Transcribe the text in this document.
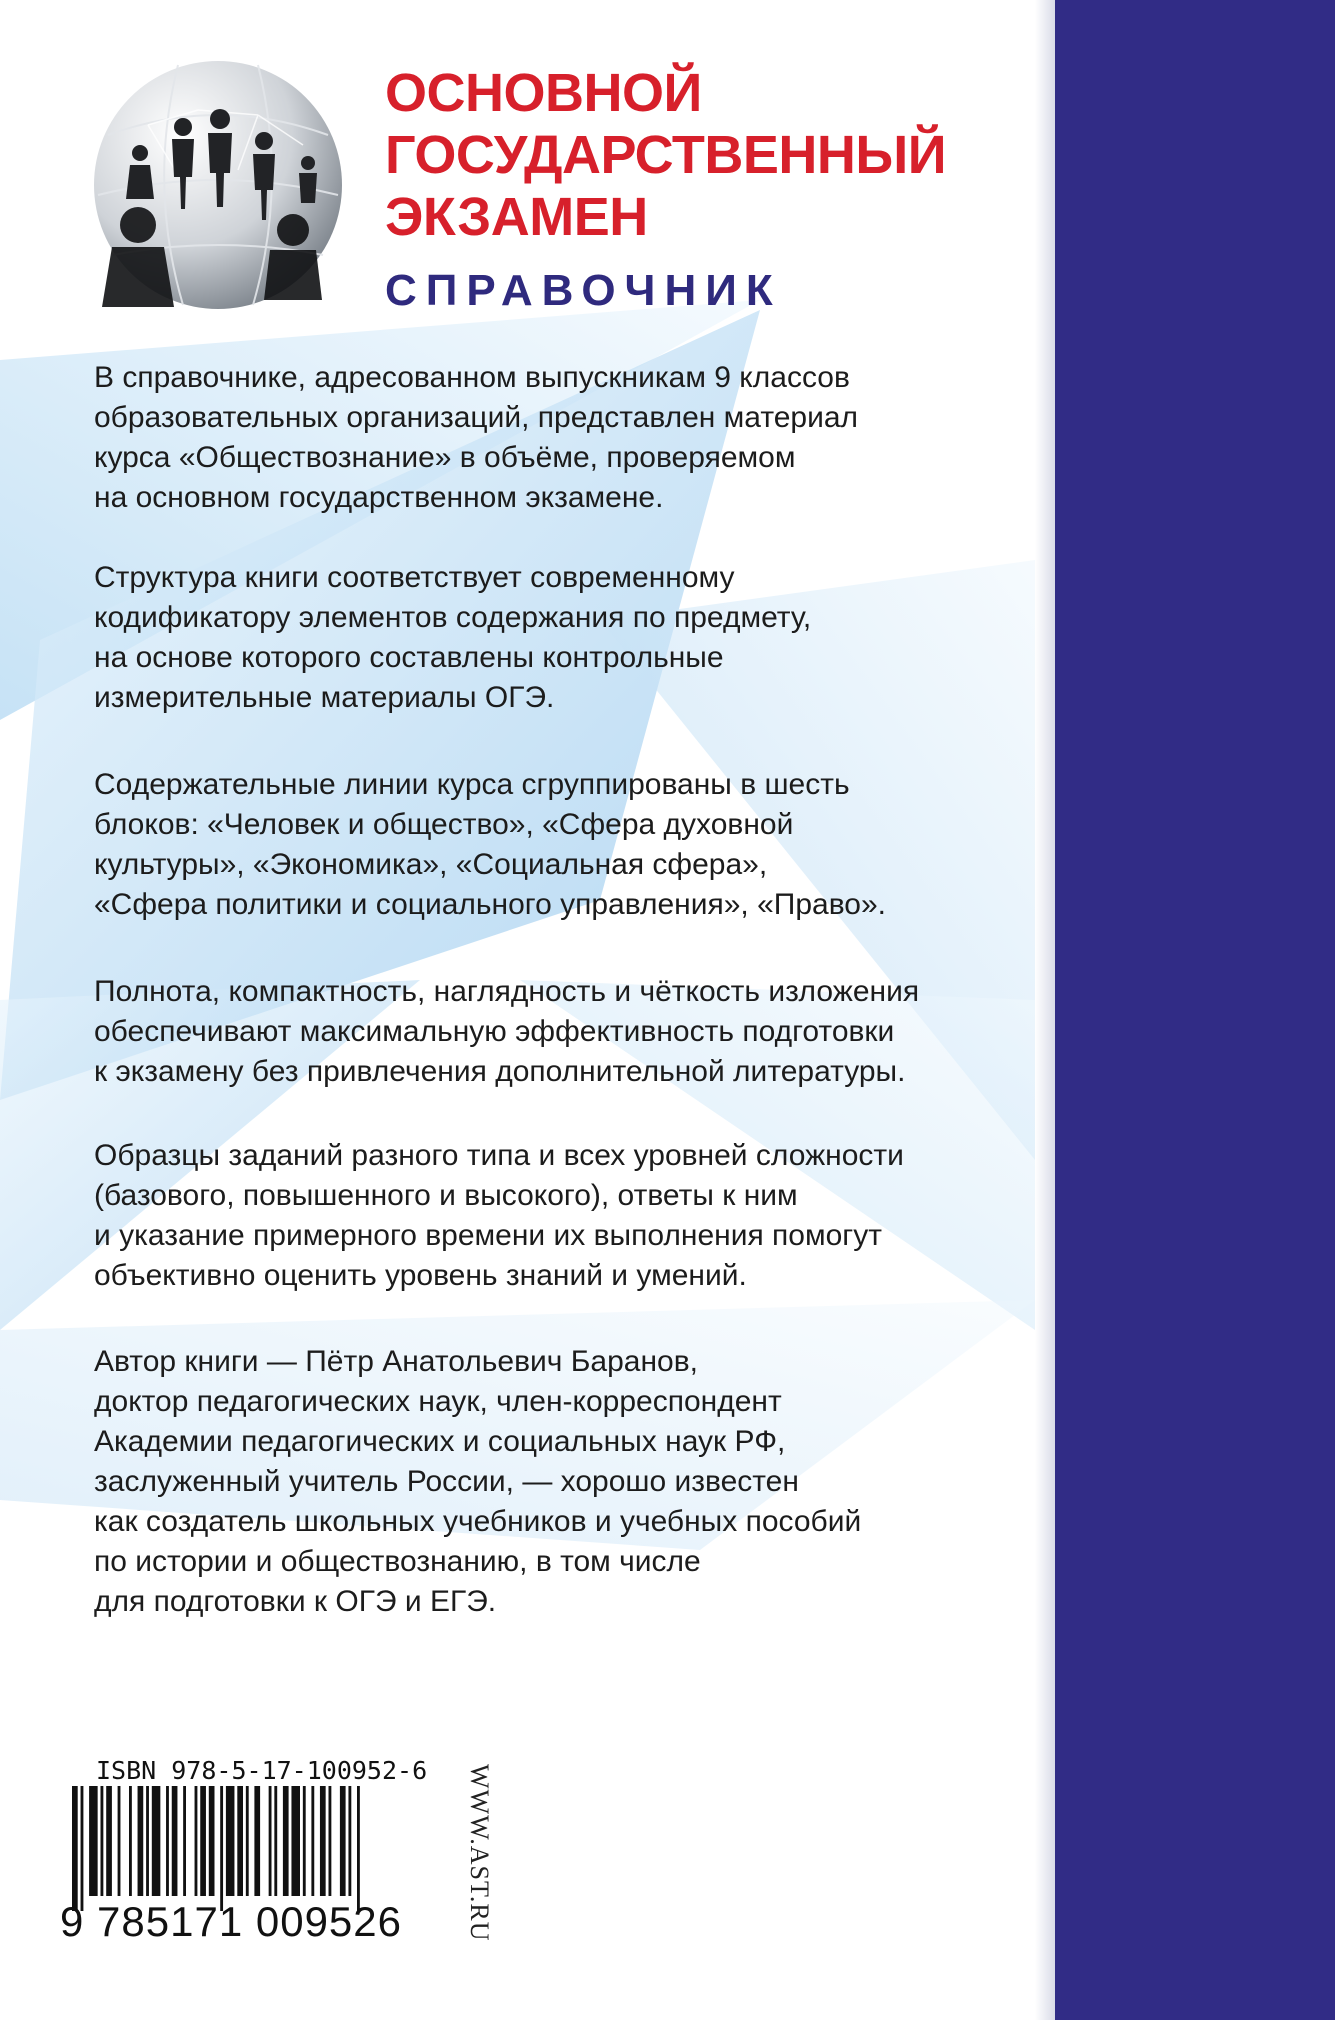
ОСНОВНОЙ
ГОСУДАРСТВЕННЫЙ
ЭКЗАМЕН
СПРАВОЧНИК
В справочнике, адресованном выпускникам 9 классов
образовательных организаций, представлен материал
курса «Обществознание» в объёме, проверяемом
на основном государственном экзамене.
Структура книги соответствует современному
кодификатору элементов содержания по предмету,
на основе которого составлены контрольные
измерительные материалы ОГЭ.
Содержательные линии курса сгруппированы в шесть
блоков: «Человек и общество», «Сфера духовной
культуры», «Экономика», «Социальная сфера»,
«Сфера политики и социального управления», «Право».
Полнота, компактность, наглядность и чёткость изложения
обеспечивают максимальную эффективность подготовки
к экзамену без привлечения дополнительной литературы.
Образцы заданий разного типа и всех уровней сложности
(базового, повышенного и высокого), ответы к ним
и указание примерного времени их выполнения помогут
объективно оценить уровень знаний и умений.
Автор книги — Пётр Анатольевич Баранов,
доктор педагогических наук, член-корреспондент
Академии педагогических и социальных наук РФ,
заслуженный учитель России, — хорошо известен
как создатель школьных учебников и учебных пособий
по истории и обществознанию, в том числе
для подготовки к ОГЭ и ЕГЭ.
ISBN 978-5-17-100952-6
9 785171 009526	WWW.AST.RU
